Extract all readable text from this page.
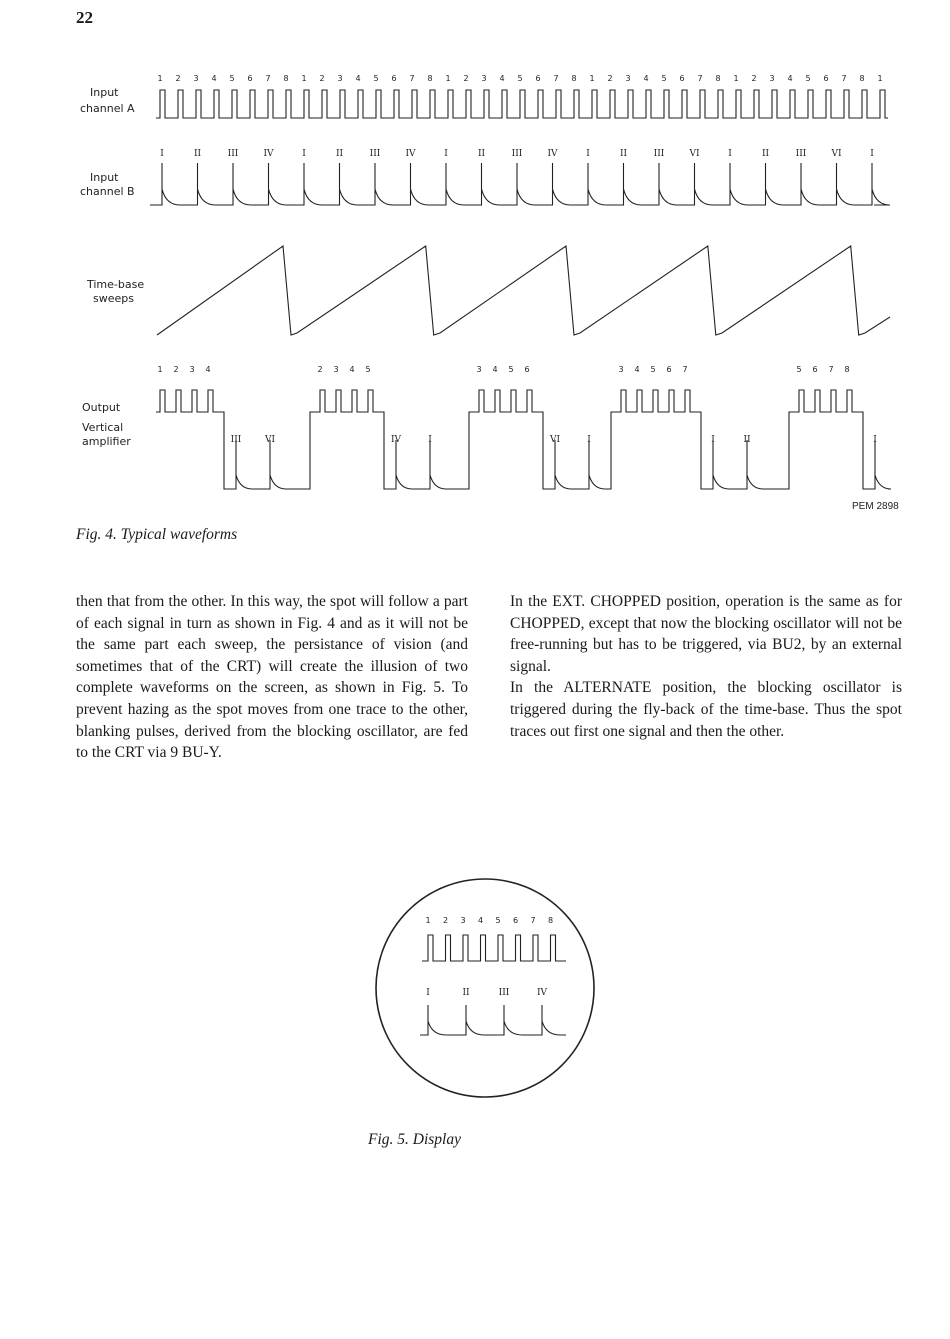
22
Input
channel A
Input
channel B
Time-base
sweeps
Output
Vertical
amplifier
1 2 3 4 5 6 7 8 1 2 3 4 5 6 7 8 1 2 3 4 5 6 7 8 1 2 3 4 5 6 7 8 1 2 3 4 5 6 7 8 1
I	II	III	IV	I	II	III	IV	I	II	III	IV	I	II	III	VI	I	II	III	VI	I
1 2 3 4
III	VI
2 3 4 5
IV	I
3 4 5 6
VI	I
3 4 5 6 7
I	II
5 6 7 8
I
PEM 2898
Fig. 4. Typical waveforms

then that from the other. In this way, the spot will follow a part of each signal in turn as shown in Fig. 4 and as it will not be the same part each sweep, the persistance of vision (and sometimes that of the CRT) will create the illusion of two complete waveforms on the screen, as shown in Fig. 5. To prevent hazing as the spot moves from one trace to the other, blanking pulses, derived from the blocking oscillator, are fed to the CRT via 9 BU-Y.

In the EXT. CHOPPED position, operation is the same as for CHOPPED, except that now the blocking oscillator will not be free-running but has to be triggered, via BU2, by an external signal.

In the ALTERNATE position, the blocking oscillator is triggered during the fly-back of the time-base. Thus the spot traces out first one signal and then the other.

1 2 3 4 5 6 7 8
I	II	III	IV
Fig. 5. Display
